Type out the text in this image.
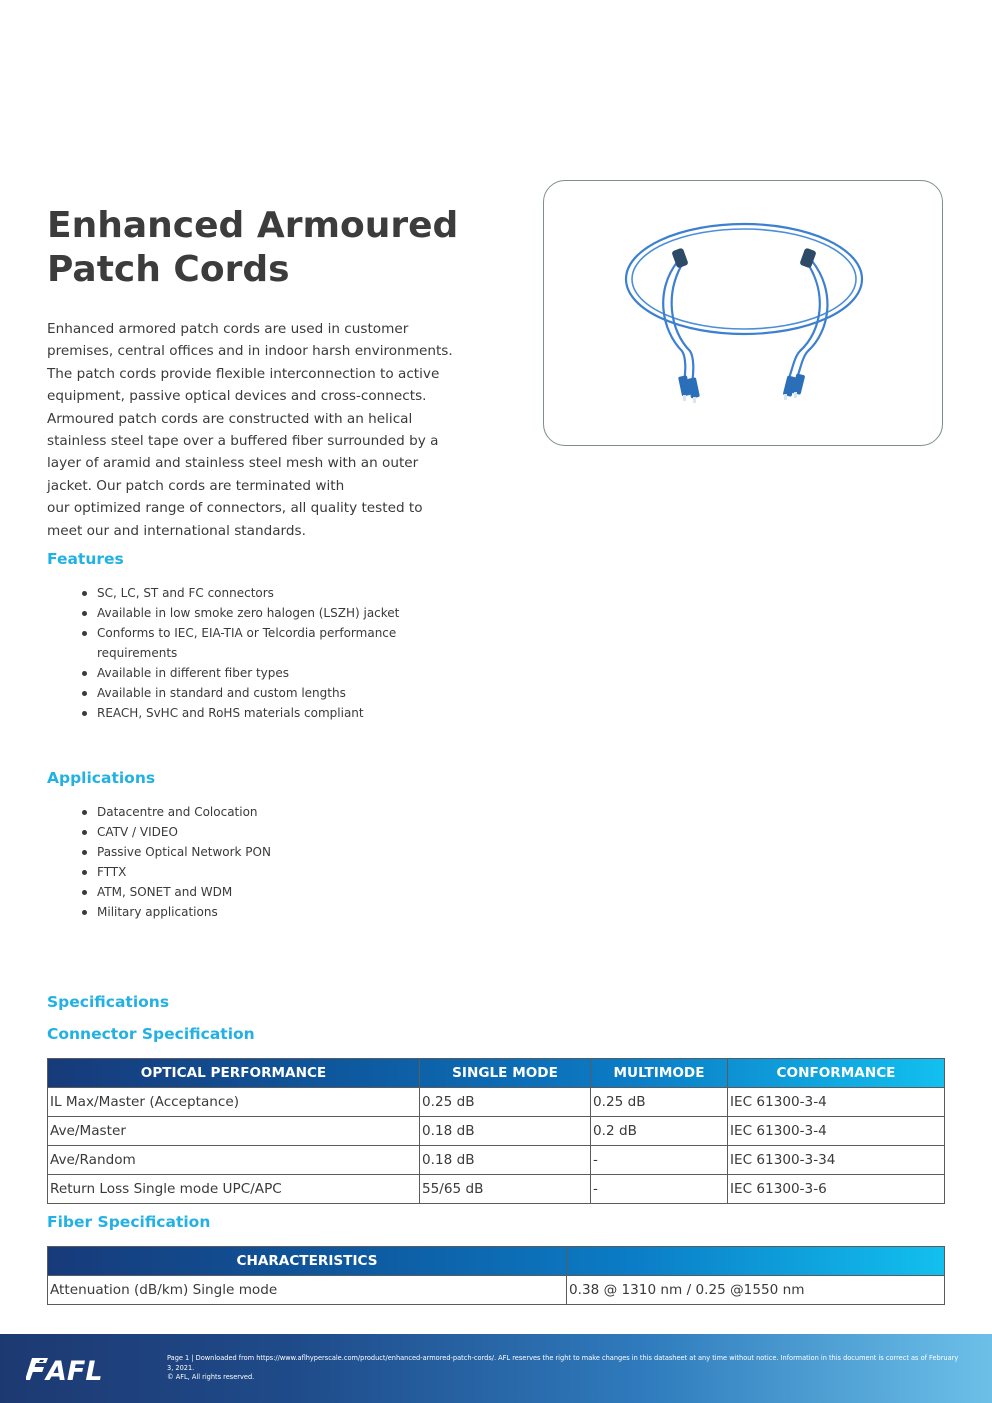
Enhanced Armoured
Patch Cords
Enhanced armored patch cords are used in customer
premises, central offices and in indoor harsh environments.
The patch cords provide flexible interconnection to active
equipment, passive optical devices and cross-connects.
Armoured patch cords are constructed with an helical
stainless steel tape over a buffered fiber surrounded by a
layer of aramid and stainless steel mesh with an outer
jacket. Our patch cords are terminated with
our optimized range of connectors, all quality tested to
meet our and international standards.
Features
SC, LC, ST and FC connectors
Available in low smoke zero halogen (LSZH) jacket
Conforms to IEC, EIA-TIA or Telcordia performance requirements
Available in different fiber types
Available in standard and custom lengths
REACH, SvHC and RoHS materials compliant
Applications
Datacentre and Colocation
CATV / VIDEO
Passive Optical Network PON
FTTX
ATM, SONET and WDM
Military applications
Specifications
Connector Specification
OPTICAL PERFORMANCE	SINGLE MODE	MULTIMODE	CONFORMANCE
IL Max/Master (Acceptance)	0.25 dB	0.25 dB	IEC 61300-3-4
Ave/Master	0.18 dB	0.2 dB	IEC 61300-3-4
Ave/Random	0.18 dB	-	IEC 61300-3-34
Return Loss Single mode UPC/APC	55/65 dB	-	IEC 61300-3-6
Fiber Specification
CHARACTERISTICS	
Attenuation (dB/km) Single mode	0.38 @ 1310 nm / 0.25 @1550 nm
AFL	Page 1 | Downloaded from https://www.aflhyperscale.com/product/enhanced-armored-patch-cords/. AFL reserves the right to make changes in this datasheet at any time without notice. Information in this document is correct as of February
3, 2021.
© AFL, All rights reserved.
